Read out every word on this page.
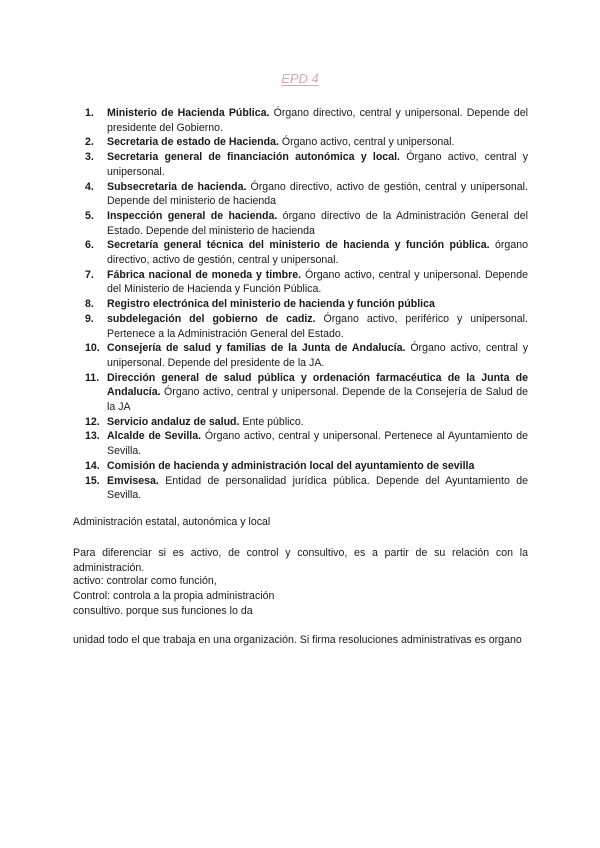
EPD 4
1.	Ministerio de Hacienda Pública. Órgano directivo, central y unipersonal. Depende del presidente del Gobierno.
2.	Secretaria de estado de Hacienda. Órgano activo, central y unipersonal.
3.	Secretaria general de financiación autonómica y local. Órgano activo, central y unipersonal.
4.	Subsecretaria de hacienda. Órgano directivo, activo de gestión, central y unipersonal. Depende del ministerio de hacienda
5.	Inspección general de hacienda. órgano directivo de la Administración General del Estado. Depende del ministerio de hacienda
6.	Secretaría general técnica del ministerio de hacienda y función pública. órgano directivo, activo de gestión, central y unipersonal.
7.	Fábrica nacional de moneda y timbre. Órgano activo, central y unipersonal. Depende del Ministerio de Hacienda y Función Pública.
8.	Registro electrónica del ministerio de hacienda y función pública
9.	subdelegación del gobierno de cadiz. Órgano activo, periférico y unipersonal. Pertenece a la Administración General del Estado.
10. Consejería de salud y familias de la Junta de Andalucía. Órgano activo, central y unipersonal. Depende del presidente de la JA.
11. Dirección general de salud pública y ordenación farmacéutica de la Junta de Andalucía. Órgano activo, central y unipersonal. Depende de la Consejería de Salud de la JA
12. Servicio andaluz de salud. Ente público.
13. Alcalde de Sevilla. Órgano activo, central y unipersonal. Pertenece al Ayuntamiento de Sevilla.
14. Comisión de hacienda y administración local del ayuntamiento de sevilla
15. Emvisesa. Entidad de personalidad jurídica pública. Depende del Ayuntamiento de Sevilla.

Administración estatal, autonómica y local

Para diferenciar si es activo, de control y consultivo, es a partir de su relación con la administración.

activo: controlar como función,

Control: controla a la propia administración

consultivo. porque sus funciones lo da

unidad todo el que trabaja en una organización. Si firma resoluciones administrativas es organo
